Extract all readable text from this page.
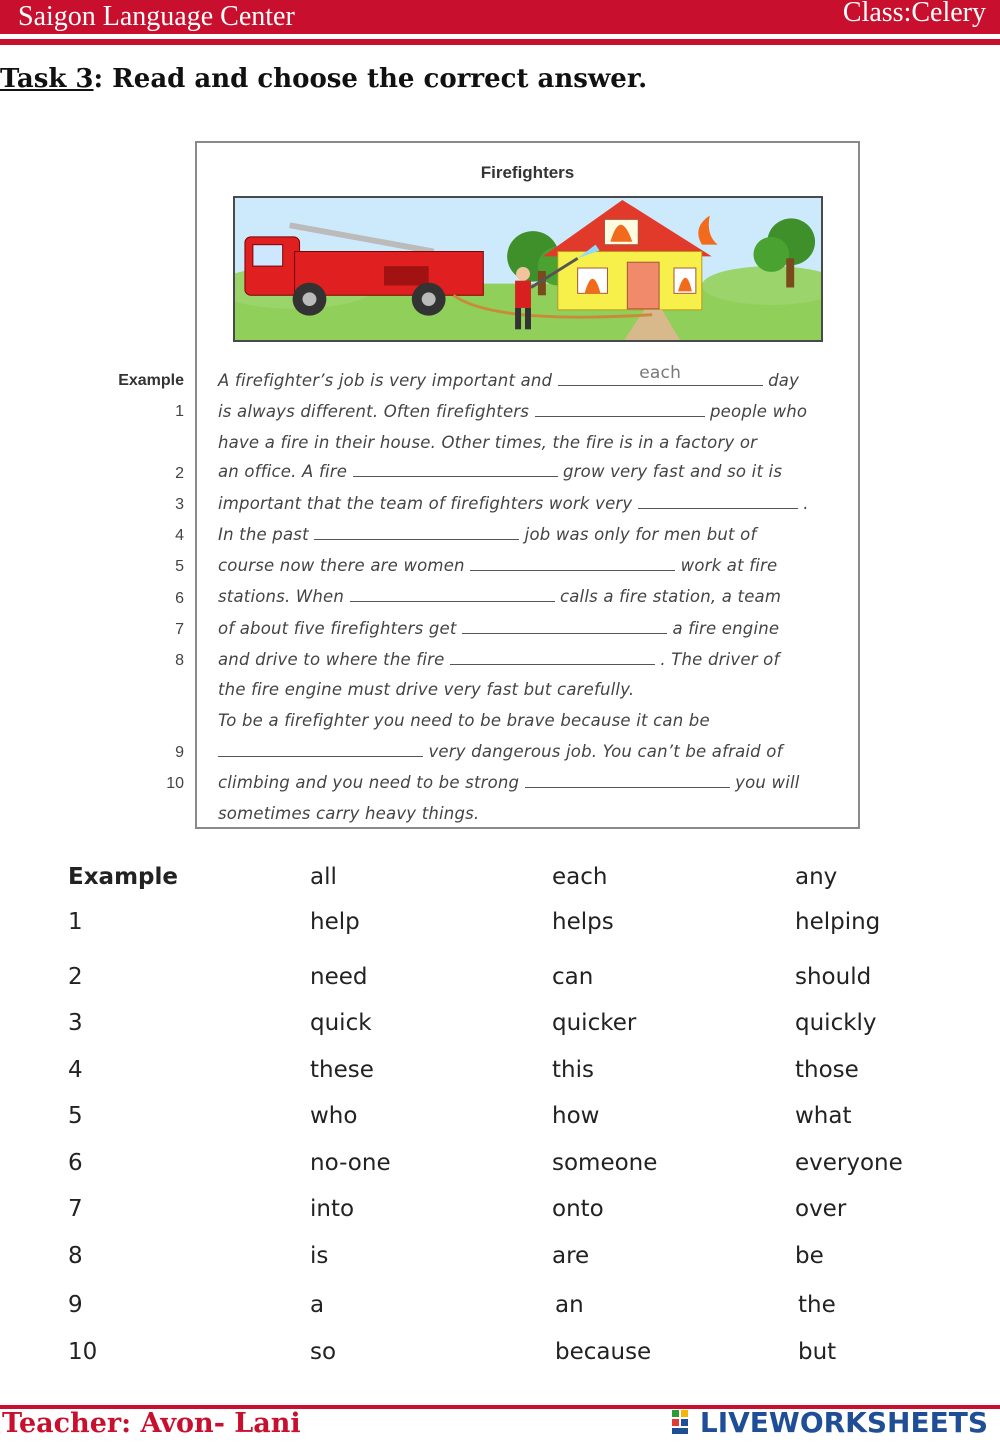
Saigon Language Center	Class:Celery
Task 3: Read and choose the correct answer.
Firefighters
Example
1
2
3
4
5
6
7
8
9
10
A firefighter’s job is very important and	each	day
is always different. Often firefighters	people who
have a fire in their house. Other times, the fire is in a factory or
an office. A fire	grow very fast and so it is
important that the team of firefighters work very	.
In the past	job was only for men but of
course now there are women	work at fire
stations. When	calls a fire station, a team
of about five firefighters get	a fire engine
and drive to where the fire	. The driver of
the fire engine must drive very fast but carefully.
To be a firefighter you need to be brave because it can be
very dangerous job. You can’t be afraid of
climbing and you need to be strong	you will
sometimes carry heavy things.
Example	all	each	any
1	help	helps	helping
2	need	can	should
3	quick	quicker	quickly
4	these	this	those
5	who	how	what
6	no-one	someone	everyone
7	into	onto	over
8	is	are	be
9	a	an	the
10	so	because	but
Teacher: Avon- Lani	LIVEWORKSHEETS
